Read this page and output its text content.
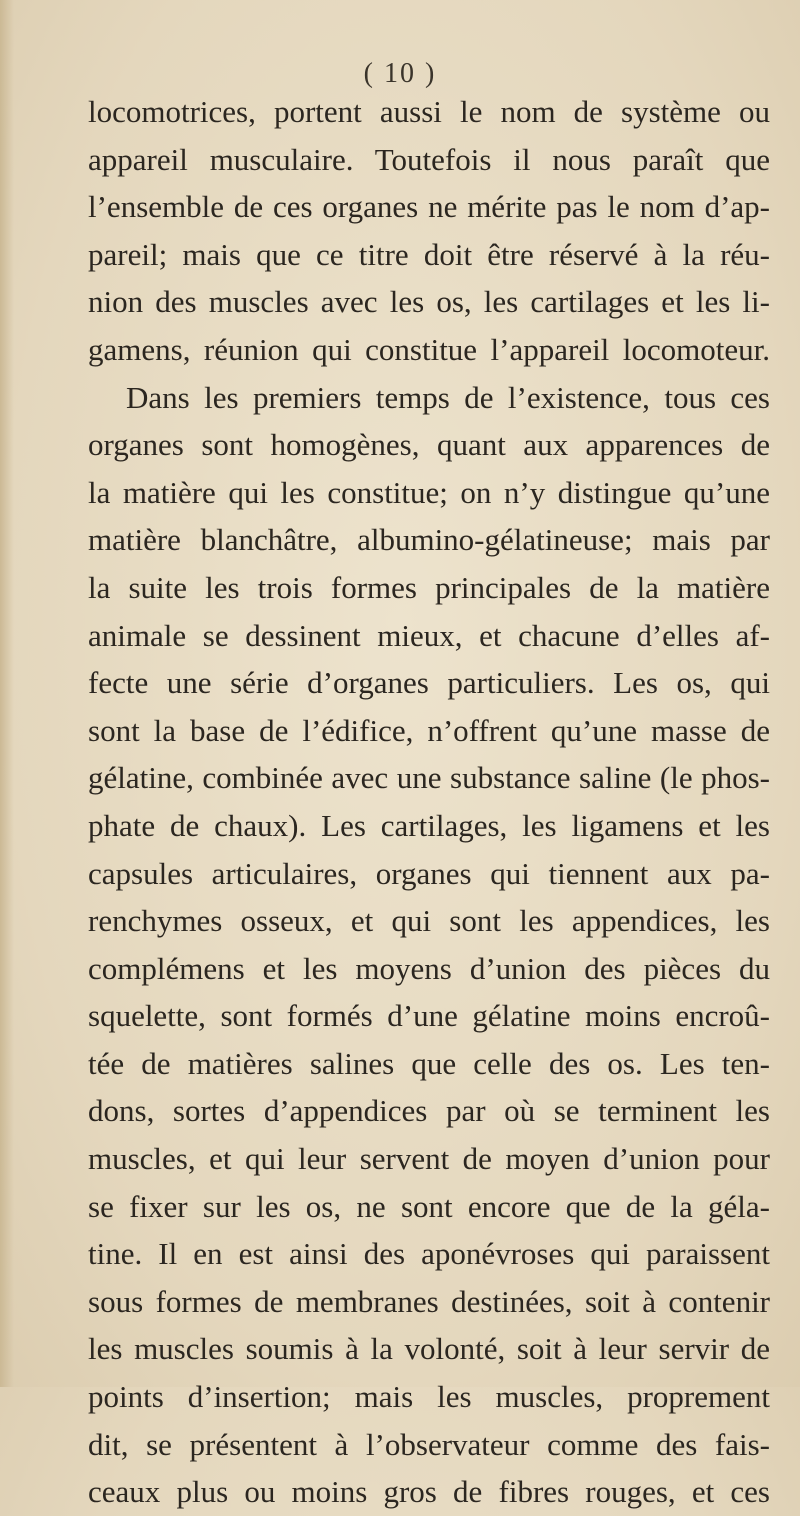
( 10 )
locomotrices, portent aussi le nom de système ou
appareil musculaire. Toutefois il nous paraît que
l’ensemble de ces organes ne mérite pas le nom d’ap-
pareil; mais que ce titre doit être réservé à la réu-
nion des muscles avec les os, les cartilages et les li-
gamens, réunion qui constitue l’appareil locomoteur.
Dans les premiers temps de l’existence, tous ces
organes sont homogènes, quant aux apparences de
la matière qui les constitue; on n’y distingue qu’une
matière blanchâtre, albumino-gélatineuse; mais par
la suite les trois formes principales de la matière
animale se dessinent mieux, et chacune d’elles af-
fecte une série d’organes particuliers. Les os, qui
sont la base de l’édifice, n’offrent qu’une masse de
gélatine, combinée avec une substance saline (le phos-
phate de chaux). Les cartilages, les ligamens et les
capsules articulaires, organes qui tiennent aux pa-
renchymes osseux, et qui sont les appendices, les
complémens et les moyens d’union des pièces du
squelette, sont formés d’une gélatine moins encroû-
tée de matières salines que celle des os. Les ten-
dons, sortes d’appendices par où se terminent les
muscles, et qui leur servent de moyen d’union pour
se fixer sur les os, ne sont encore que de la géla-
tine. Il en est ainsi des aponévroses qui paraissent
sous formes de membranes destinées, soit à contenir
les muscles soumis à la volonté, soit à leur servir de
points d’insertion; mais les muscles, proprement
dit, se présentent à l’observateur comme des fais-
ceaux plus ou moins gros de fibres rouges, et ces
